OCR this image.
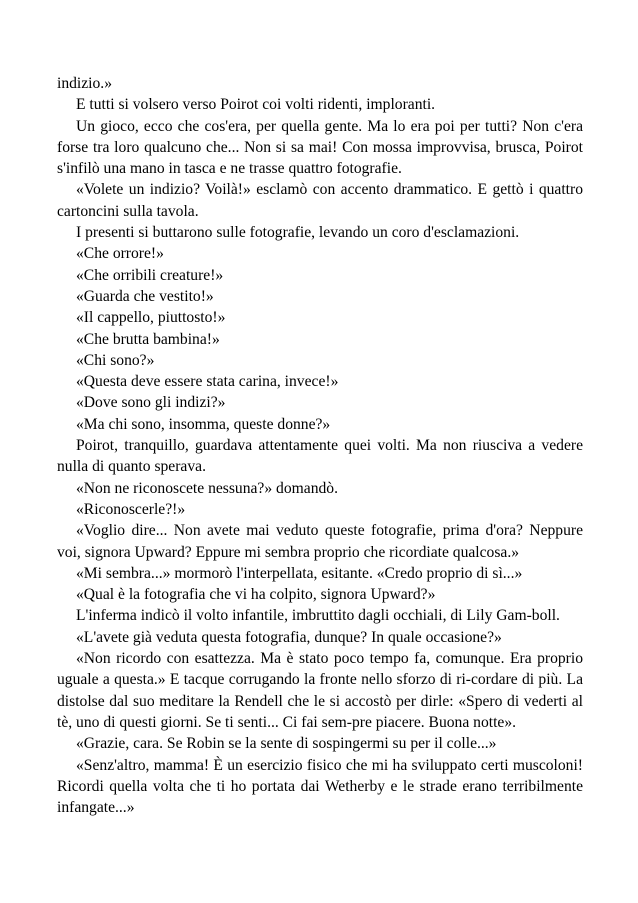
indizio.»

E tutti si volsero verso Poirot coi volti ridenti, imploranti.

Un gioco, ecco che cos'era, per quella gente. Ma lo era poi per tutti? Non c'era forse tra loro qualcuno che... Non si sa mai! Con mossa improvvisa, brusca, Poirot s'infilò una mano in tasca e ne trasse quattro fotografie.

«Volete un indizio? Voilà!» esclamò con accento drammatico. E gettò i quattro cartoncini sulla tavola.

I presenti si buttarono sulle fotografie, levando un coro d'esclamazioni.

«Che orrore!»

«Che orribili creature!»

«Guarda che vestito!»

«Il cappello, piuttosto!»

«Che brutta bambina!»

«Chi sono?»

«Questa deve essere stata carina, invece!»

«Dove sono gli indizi?»

«Ma chi sono, insomma, queste donne?»

Poirot, tranquillo, guardava attentamente quei volti. Ma non riusciva a vedere nulla di quanto sperava.

«Non ne riconoscete nessuna?» domandò.

«Riconoscerle?!»

«Voglio dire... Non avete mai veduto queste fotografie, prima d'ora? Neppure voi, signora Upward? Eppure mi sembra proprio che ricordiate qualcosa.»

«Mi sembra...» mormorò l'interpellata, esitante. «Credo proprio di sì...»

«Qual è la fotografia che vi ha colpito, signora Upward?»

L'inferma indicò il volto infantile, imbruttito dagli occhiali, di Lily Gam-boll.

«L'avete già veduta questa fotografia, dunque? In quale occasione?»

«Non ricordo con esattezza. Ma è stato poco tempo fa, comunque. Era proprio uguale a questa.» E tacque corrugando la fronte nello sforzo di ri-cordare di più. La distolse dal suo meditare la Rendell che le si accostò per dirle: «Spero di vederti al tè, uno di questi giorni. Se ti senti... Ci fai sem-pre piacere. Buona notte».

«Grazie, cara. Se Robin se la sente di sospingermi su per il colle...»

«Senz'altro, mamma! È un esercizio fisico che mi ha sviluppato certi muscoloni! Ricordi quella volta che ti ho portata dai Wetherby e le strade erano terribilmente infangate...»
